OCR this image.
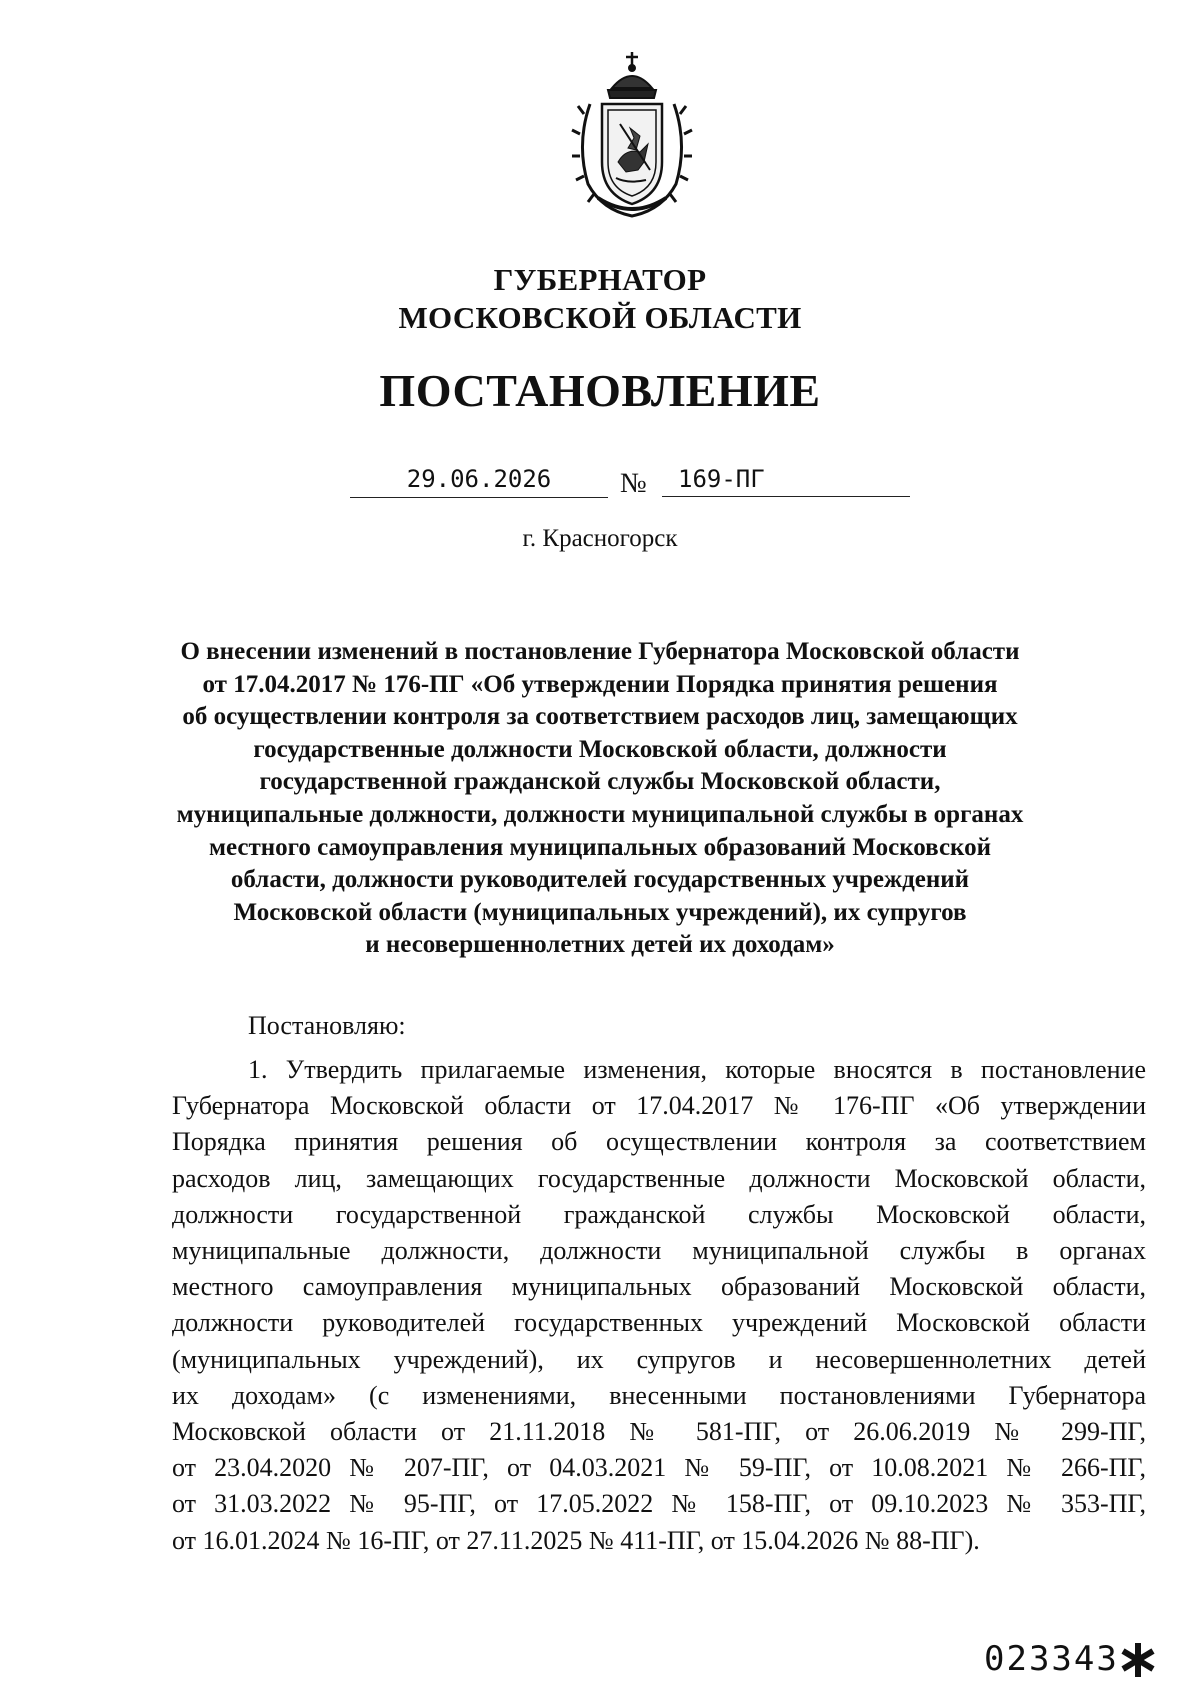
ГУБЕРНАТОР
МОСКОВСКОЙ ОБЛАСТИ
ПОСТАНОВЛЕНИЕ
29.06.2026	№	169-ПГ
г. Красногорск
О внесении изменений в постановление Губернатора Московской области
от 17.04.2017 № 176-ПГ «Об утверждении Порядка принятия решения
об осуществлении контроля за соответствием расходов лиц, замещающих
государственные должности Московской области, должности
государственной гражданской службы Московской области,
муниципальные должности, должности муниципальной службы в органах
местного самоуправления муниципальных образований Московской
области, должности руководителей государственных учреждений
Московской области (муниципальных учреждений), их супругов
и несовершеннолетних детей их доходам»
Постановляю:
1. Утвердить прилагаемые изменения, которые вносятся в постановление
Губернатора Московской области от 17.04.2017 № 176-ПГ «Об утверждении
Порядка принятия решения об осуществлении контроля за соответствием
расходов лиц, замещающих государственные должности Московской области,
должности государственной гражданской службы Московской области,
муниципальные должности, должности муниципальной службы в органах
местного самоуправления муниципальных образований Московской области,
должности руководителей государственных учреждений Московской области
(муниципальных учреждений), их супругов и несовершеннолетних детей
их доходам» (с изменениями, внесенными постановлениями Губернатора
Московской области от 21.11.2018 № 581-ПГ, от 26.06.2019 № 299-ПГ,
от 23.04.2020 № 207-ПГ, от 04.03.2021 № 59-ПГ, от 10.08.2021 № 266-ПГ,
от 31.03.2022 № 95-ПГ, от 17.05.2022 № 158-ПГ, от 09.10.2023 № 353-ПГ,
от 16.01.2024 № 16-ПГ, от 27.11.2025 № 411-ПГ, от 15.04.2026 № 88-ПГ).
023343
